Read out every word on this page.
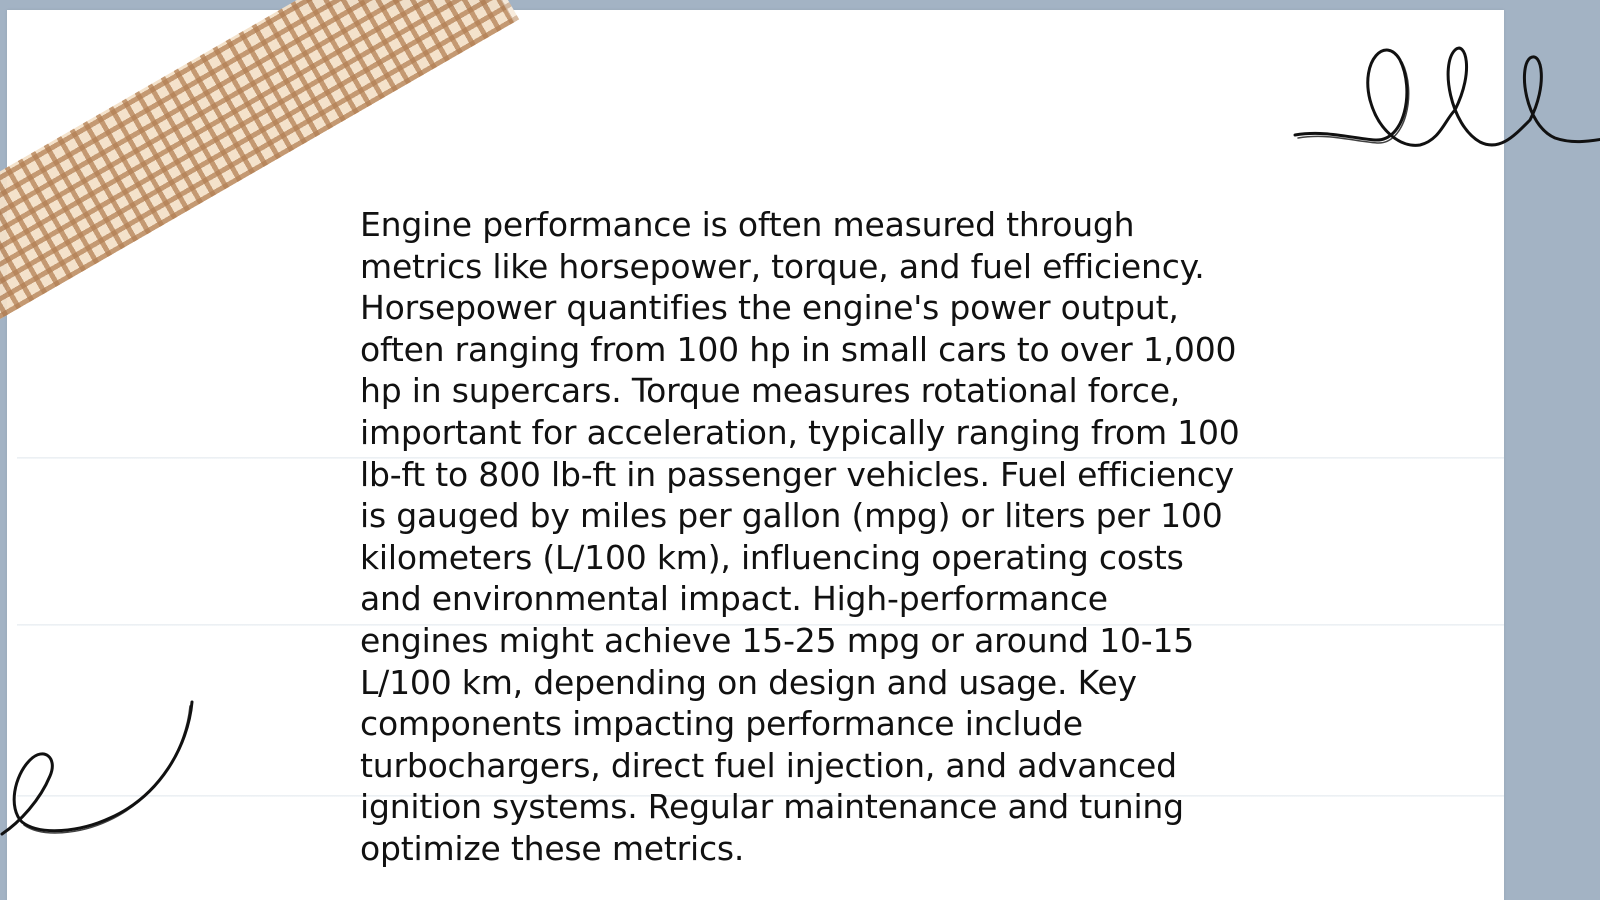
Engine performance is often measured through metrics like horsepower, torque, and fuel efficiency. Horsepower quantifies the engine's power output, often ranging from 100 hp in small cars to over 1,000 hp in supercars. Torque measures rotational force, important for acceleration, typically ranging from 100 lb-ft to 800 lb-ft in passenger vehicles. Fuel efficiency is gauged by miles per gallon (mpg) or liters per 100 kilometers (L/100 km), influencing operating costs and environmental impact. High-performance engines might achieve 15-25 mpg or around 10-15 L/100 km, depending on design and usage. Key components impacting performance include turbochargers, direct fuel injection, and advanced ignition systems. Regular maintenance and tuning optimize these metrics.
